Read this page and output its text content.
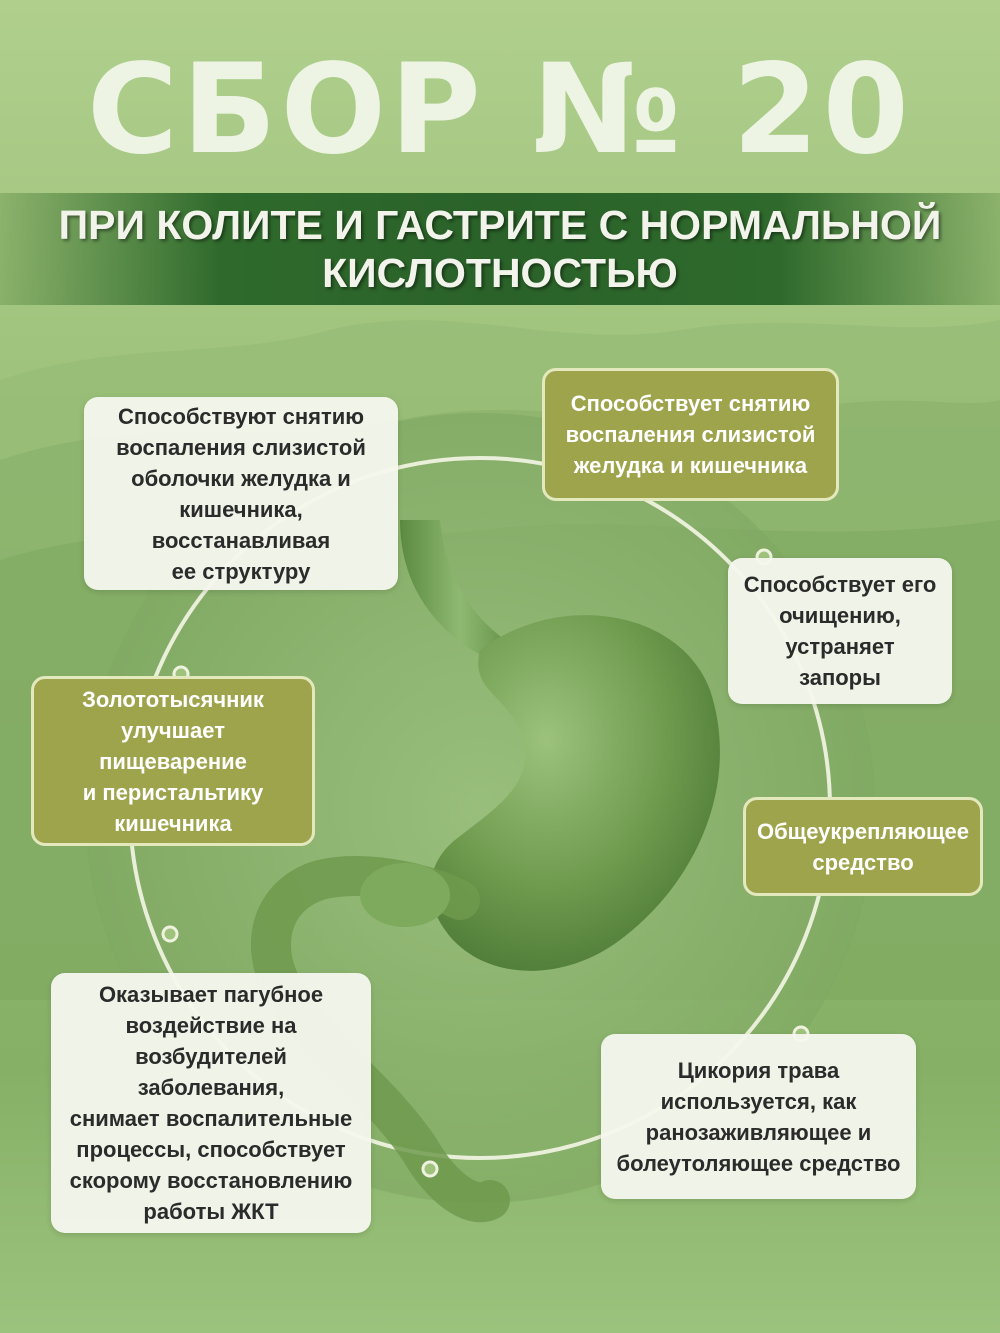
СБОР № 20
ПРИ КОЛИТЕ И ГАСТРИТЕ С НОРМАЛЬНОЙ
КИСЛОТНОСТЬЮ
Способствуют снятию
воспаления слизистой
оболочки желудка и
кишечника, восстанавливая
ее структуру
Способствует снятию
воспаления слизистой
желудка и кишечника
Способствует его
очищению,
устраняет запоры
Золототысячник
улучшает пищеварение
и перистальтику
кишечника	Общеукрепляющее
средство
Оказывает пагубное
воздействие на
возбудителей заболевания,
снимает воспалительные
процессы, способствует
скорому восстановлению
работы ЖКТ
Цикория трава
используется, как
ранозаживляющее и
болеутоляющее средство
